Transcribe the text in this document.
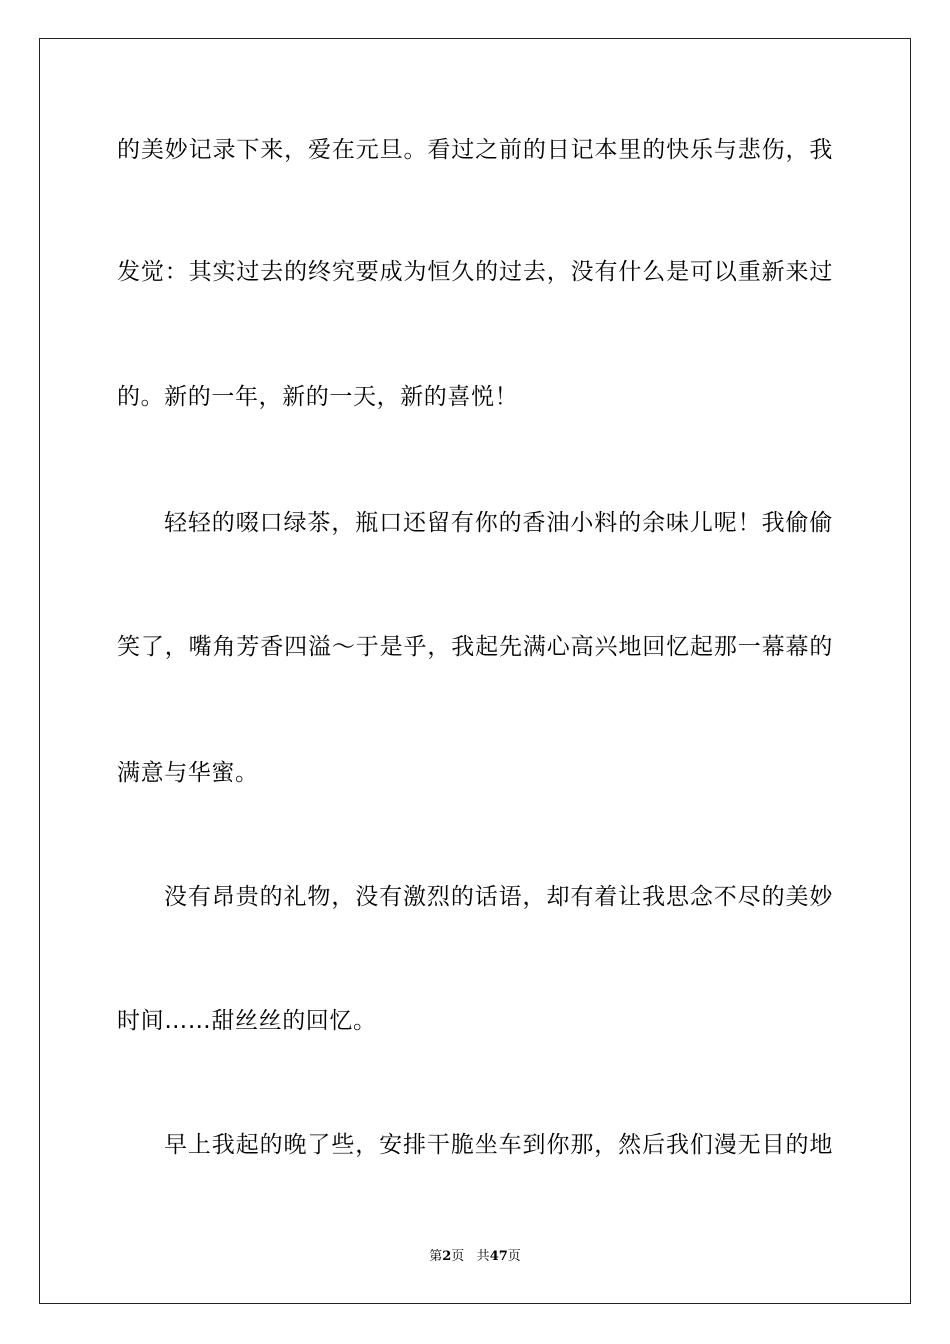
的美妙记录下来，爱在元旦。看过之前的日记本里的快乐与悲伤，我
发觉：其实过去的终究要成为恒久的过去，没有什么是可以重新来过
的。新的一年，新的一天，新的喜悦！
轻轻的啜口绿茶，瓶口还留有你的香油小料的余味儿呢！我偷偷
笑了，嘴角芳香四溢～于是乎，我起先满心高兴地回忆起那一幕幕的
满意与华蜜。
没有昂贵的礼物，没有激烈的话语，却有着让我思念不尽的美妙
时间……甜丝丝的回忆。
早上我起的晚了些，安排干脆坐车到你那，然后我们漫无目的地
第2页 共47页
